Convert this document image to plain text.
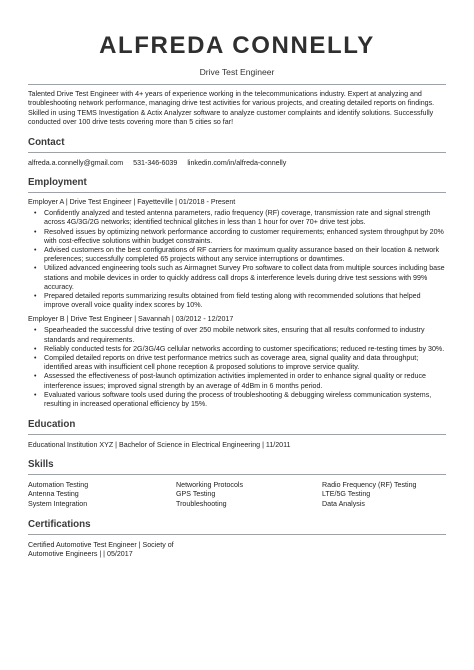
ALFREDA CONNELLY
Drive Test Engineer

Talented Drive Test Engineer with 4+ years of experience working in the telecommunications industry. Expert at analyzing and troubleshooting network performance, managing drive test activities for various projects, and creating detailed reports on findings. Skilled in using TEMS Investigation & Actix Analyzer software to analyze customer complaints and identify solutions. Successfully conducted over 100 drive tests covering more than 5 cities so far!

Contact
alfreda.a.connelly@gmail.com 531-346-6039 linkedin.com/in/alfreda-connelly
Employment
Employer A | Drive Test Engineer | Fayetteville | 01/2018 - Present
• Confidently analyzed and tested antenna parameters, radio frequency (RF) coverage, transmission rate and signal strength across 4G/3G/2G networks; identified technical glitches in less than 1 hour for over 70+ drive test jobs.
• Resolved issues by optimizing network performance according to customer requirements; enhanced system throughput by 20% with cost-effective solutions within budget constraints.
• Advised customers on the best configurations of RF carriers for maximum quality assurance based on their location & network preferences; successfully completed 65 projects without any service interruptions or downtimes.
• Utilized advanced engineering tools such as Airmagnet Survey Pro software to collect data from multiple sources including base stations and mobile devices in order to quickly address call drops & interference levels during drive test sessions with 99% accuracy.
• Prepared detailed reports summarizing results obtained from field testing along with recommended solutions that helped improve overall voice quality index scores by 10%.
Employer B | Drive Test Engineer | Savannah | 03/2012 - 12/2017
• Spearheaded the successful drive testing of over 250 mobile network sites, ensuring that all results conformed to industry standards and requirements.
• Reliably conducted tests for 2G/3G/4G cellular networks according to customer specifications; reduced re-testing times by 30%.
• Compiled detailed reports on drive test performance metrics such as coverage area, signal quality and data throughput; identified areas with insufficient cell phone reception & proposed solutions to improve service quality.
• Assessed the effectiveness of post-launch optimization activities implemented in order to enhance signal quality or reduce interference issues; improved signal strength by an average of 4dBm in 6 months period.
• Evaluated various software tools used during the process of troubleshooting & debugging wireless communication systems, resulting in increased operational efficiency by 15%.
Education
Educational Institution XYZ | Bachelor of Science in Electrical Engineering | 11/2011
Skills
Automation Testing	Networking Protocols	Radio Frequency (RF) Testing
Antenna Testing	GPS Testing	LTE/5G Testing
System Integration	Troubleshooting	Data Analysis
Certifications
Certified Automotive Test Engineer | Society of Automotive Engineers | | 05/2017
